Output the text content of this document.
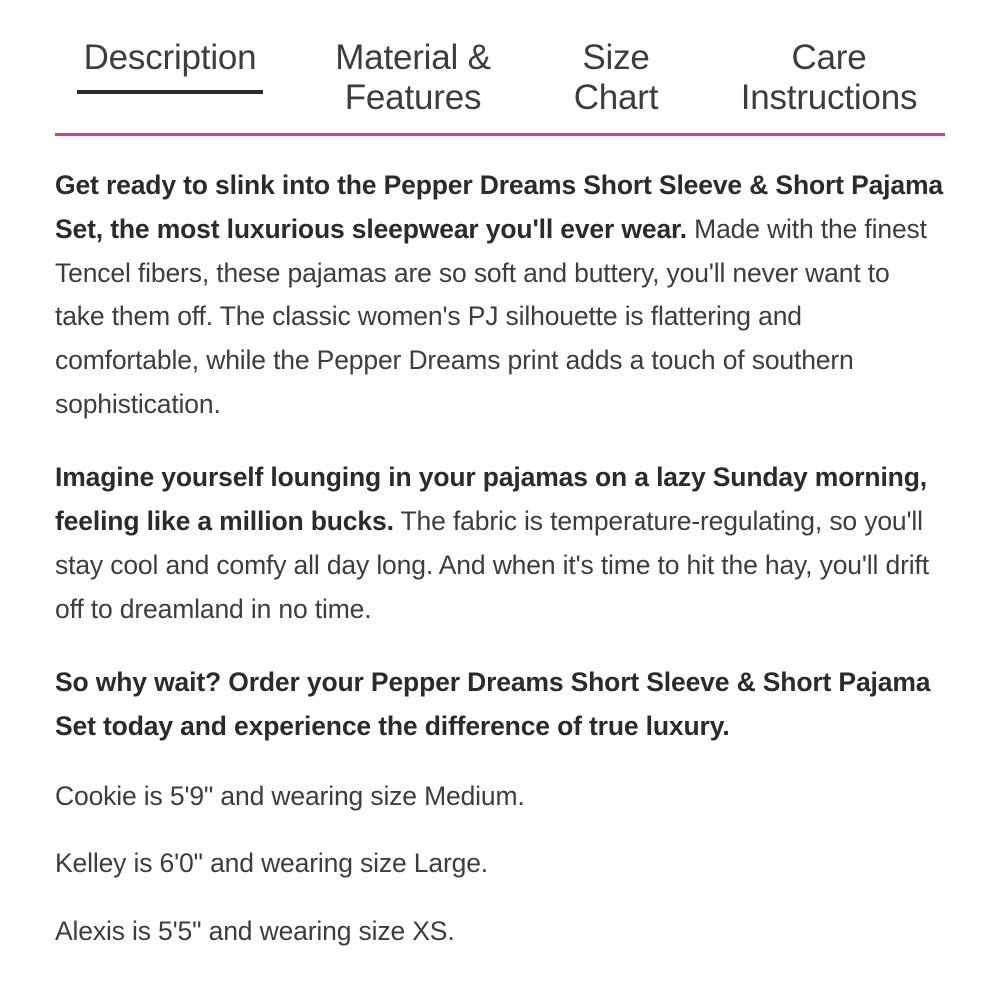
Description	Material &
Features
Size
Chart
Care
Instructions

Get ready to slink into the Pepper Dreams Short Sleeve & Short Pajama Set, the most luxurious sleepwear you'll ever wear. Made with the finest Tencel fibers, these pajamas are so soft and buttery, you'll never want to take them off. The classic women's PJ silhouette is flattering and comfortable, while the Pepper Dreams print adds a touch of southern sophistication.

Imagine yourself lounging in your pajamas on a lazy Sunday morning, feeling like a million bucks. The fabric is temperature-regulating, so you'll stay cool and comfy all day long. And when it's time to hit the hay, you'll drift off to dreamland in no time.

So why wait? Order your Pepper Dreams Short Sleeve & Short Pajama Set today and experience the difference of true luxury.

Cookie is 5'9" and wearing size Medium.

Kelley is 6'0" and wearing size Large.

Alexis is 5'5" and wearing size XS.
